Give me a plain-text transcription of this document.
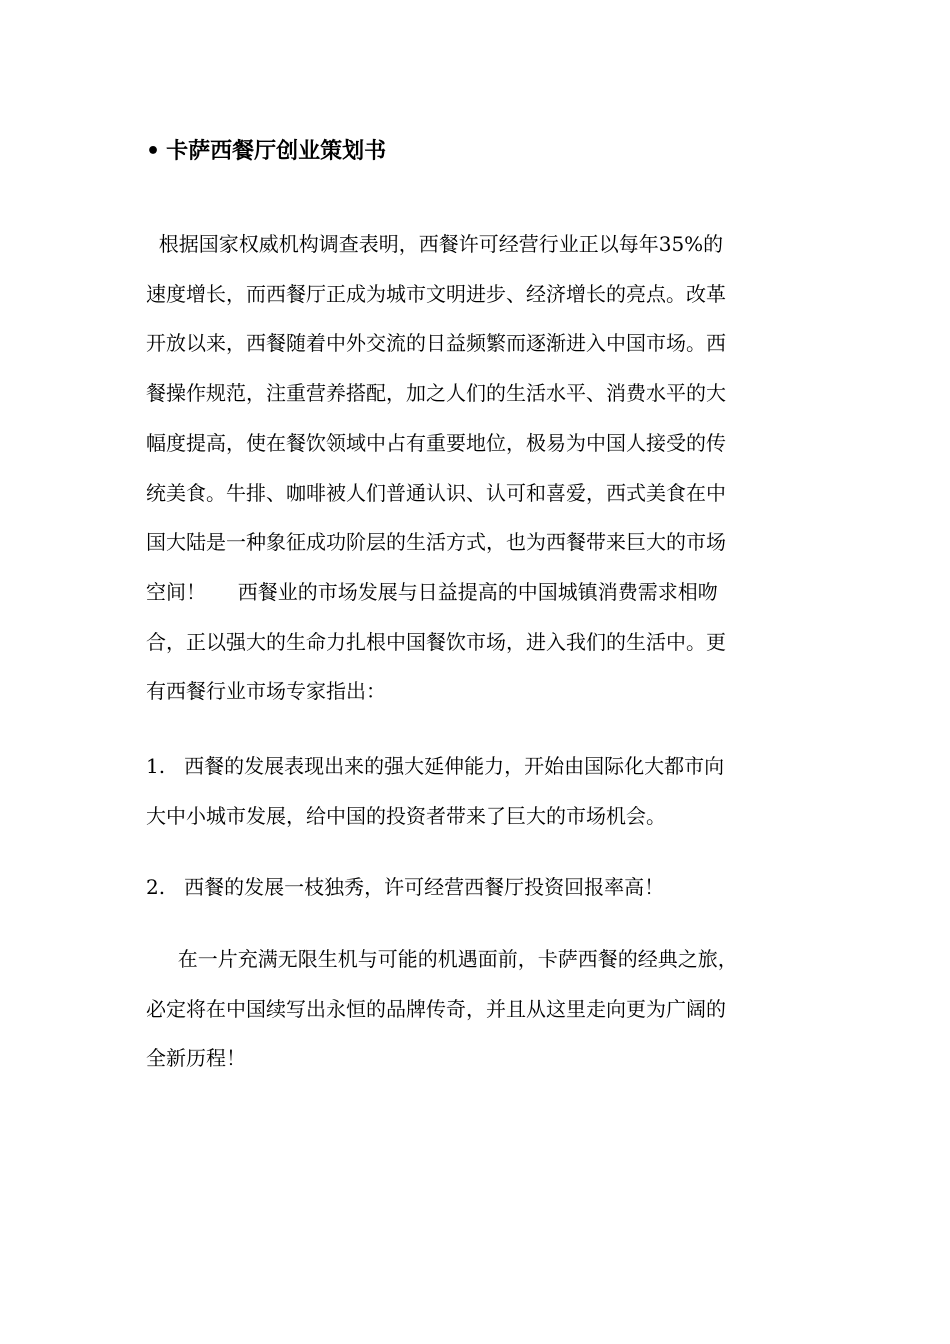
• 卡萨西餐厅创业策划书
根据国家权威机构调查表明，西餐许可经营行业正以每年35%的
速度增长，而西餐厅正成为城市文明进步、经济增长的亮点。改革
开放以来，西餐随着中外交流的日益频繁而逐渐进入中国市场。西
餐操作规范，注重营养搭配，加之人们的生活水平、消费水平的大
幅度提高，使在餐饮领域中占有重要地位，极易为中国人接受的传
统美食。牛排、咖啡被人们普通认识、认可和喜爱，西式美食在中
国大陆是一种象征成功阶层的生活方式，也为西餐带来巨大的市场
空间！     西餐业的市场发展与日益提高的中国城镇消费需求相吻
合，正以强大的生命力扎根中国餐饮市场，进入我们的生活中。更
有西餐行业市场专家指出：
1.   西餐的发展表现出来的强大延伸能力，开始由国际化大都市向
大中小城市发展，给中国的投资者带来了巨大的市场机会。
2.   西餐的发展一枝独秀，许可经营西餐厅投资回报率高！
在一片充满无限生机与可能的机遇面前，卡萨西餐的经典之旅，
必定将在中国续写出永恒的品牌传奇，并且从这里走向更为广阔的
全新历程！
